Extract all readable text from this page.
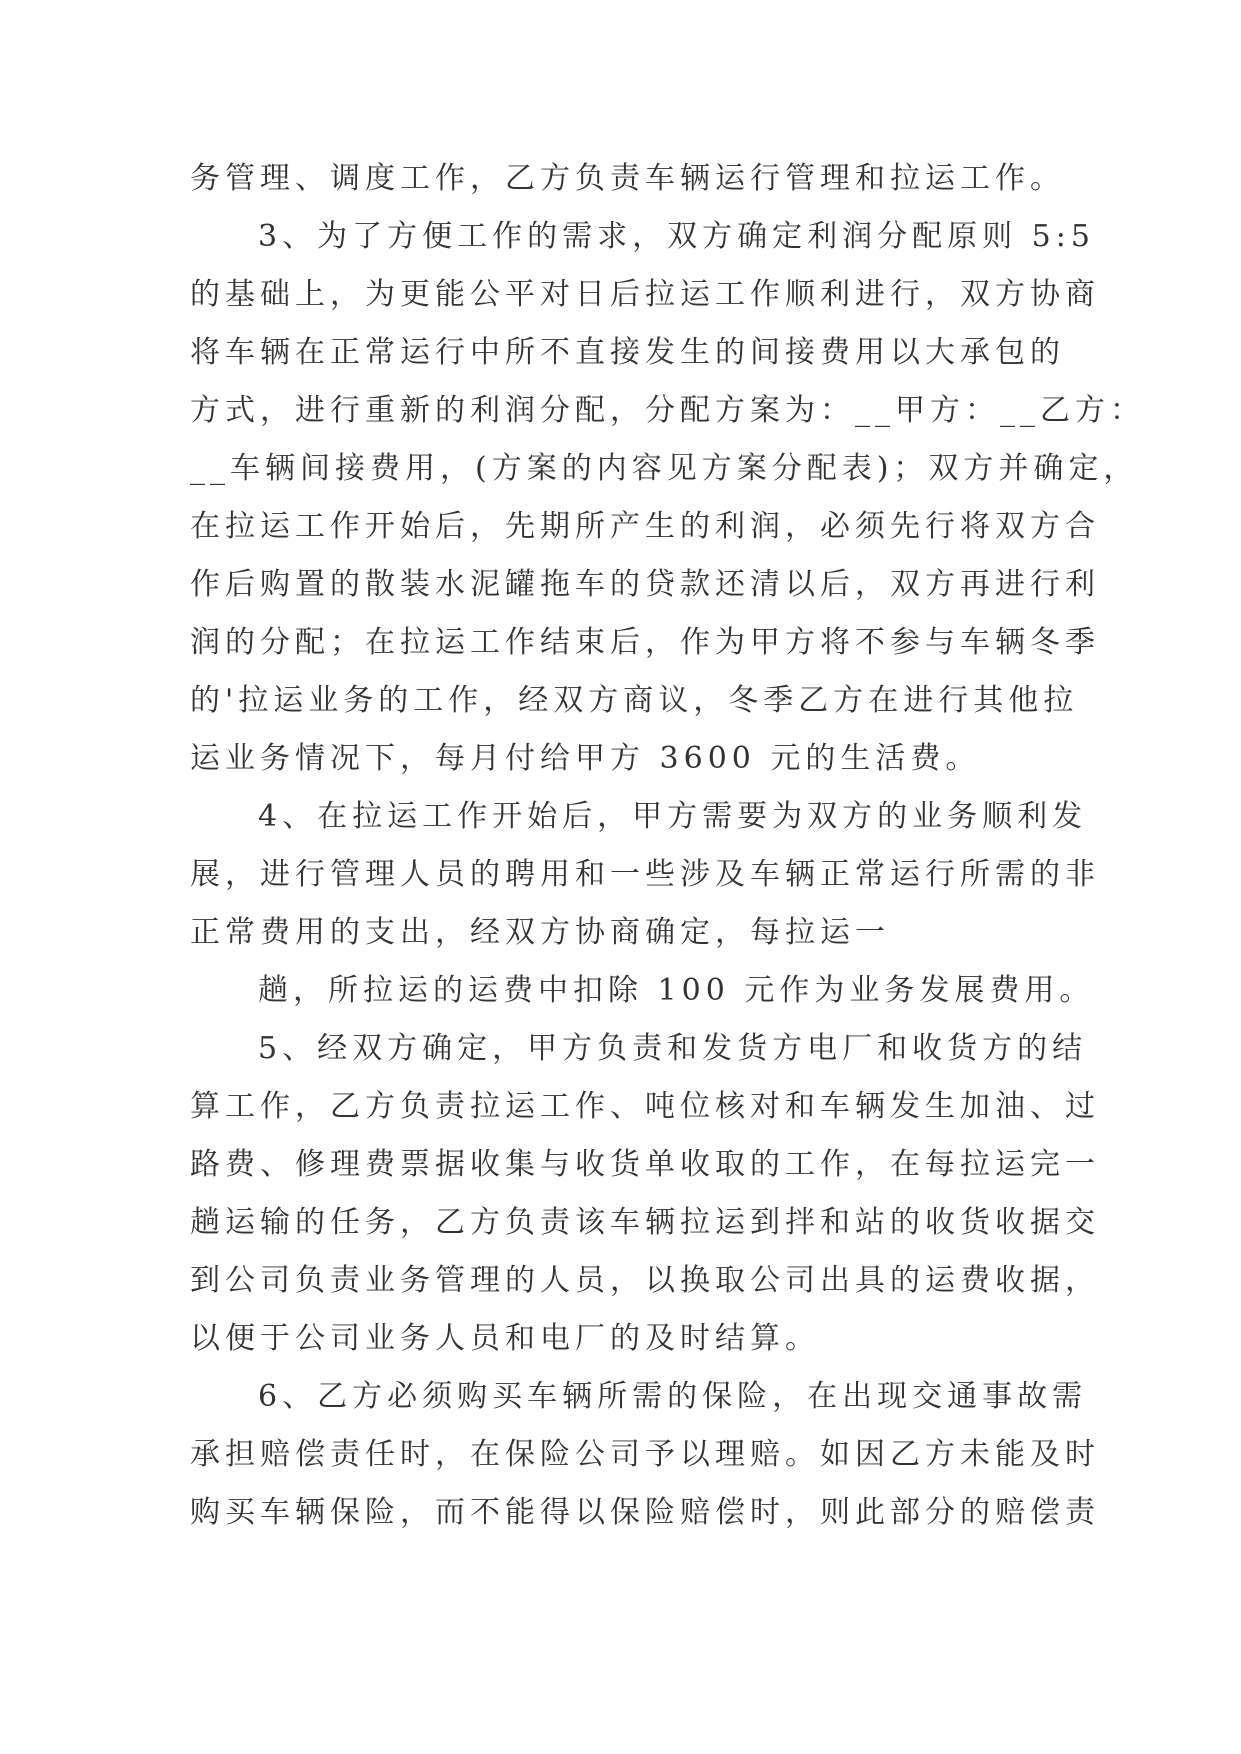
务管理、调度工作，乙方负责车辆运行管理和拉运工作。
3、为了方便工作的需求，双方确定利润分配原则 5:5
的基础上，为更能公平对日后拉运工作顺利进行，双方协商
将车辆在正常运行中所不直接发生的间接费用以大承包的
方式，进行重新的利润分配，分配方案为：__甲方：__乙方：
__车辆间接费用，(方案的内容见方案分配表)；双方并确定，
在拉运工作开始后，先期所产生的利润，必须先行将双方合
作后购置的散装水泥罐拖车的贷款还清以后，双方再进行利
润的分配；在拉运工作结束后，作为甲方将不参与车辆冬季
的'拉运业务的工作，经双方商议，冬季乙方在进行其他拉
运业务情况下，每月付给甲方 3600 元的生活费。
4、在拉运工作开始后，甲方需要为双方的业务顺利发
展，进行管理人员的聘用和一些涉及车辆正常运行所需的非
正常费用的支出，经双方协商确定，每拉运一
趟，所拉运的运费中扣除 100 元作为业务发展费用。
5、经双方确定，甲方负责和发货方电厂和收货方的结
算工作，乙方负责拉运工作、吨位核对和车辆发生加油、过
路费、修理费票据收集与收货单收取的工作，在每拉运完一
趟运输的任务，乙方负责该车辆拉运到拌和站的收货收据交
到公司负责业务管理的人员，以换取公司出具的运费收据，
以便于公司业务人员和电厂的及时结算。
6、乙方必须购买车辆所需的保险，在出现交通事故需
承担赔偿责任时，在保险公司予以理赔。如因乙方未能及时
购买车辆保险，而不能得以保险赔偿时，则此部分的赔偿责
